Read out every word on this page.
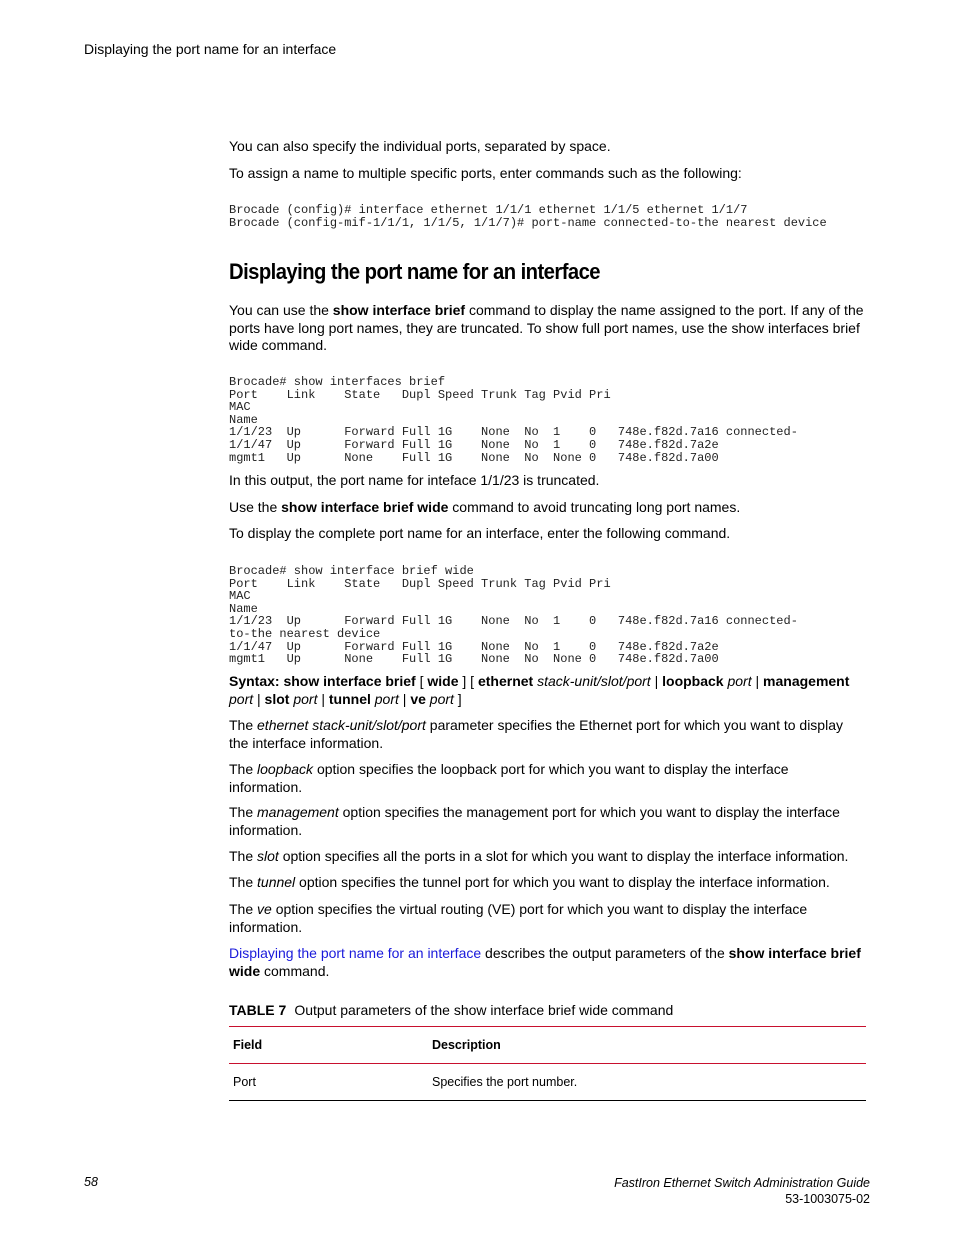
Displaying the port name for an interface
You can also specify the individual ports, separated by space.
To assign a name to multiple specific ports, enter commands such as the following:
Brocade (config)# interface ethernet 1/1/1 ethernet 1/1/5 ethernet 1/1/7
Brocade (config-mif-1/1/1, 1/1/5, 1/1/7)# port-name connected-to-the nearest device
Displaying the port name for an interface
You can use the show interface brief command to display the name assigned to the port. If any of the ports have long port names, they are truncated. To show full port names, use the show interfaces brief wide command.
Brocade# show interfaces brief
Port    Link    State   Dupl Speed Trunk Tag Pvid Pri
MAC
Name
1/1/23  Up      Forward Full 1G    None  No  1    0   748e.f82d.7a16 connected-
1/1/47  Up      Forward Full 1G    None  No  1    0   748e.f82d.7a2e
mgmt1   Up      None    Full 1G    None  No  None 0   748e.f82d.7a00
In this output, the port name for inteface 1/1/23 is truncated.
Use the show interface brief wide command to avoid truncating long port names.
To display the complete port name for an interface, enter the following command.
Brocade# show interface brief wide
Port    Link    State   Dupl Speed Trunk Tag Pvid Pri
MAC
Name
1/1/23  Up      Forward Full 1G    None  No  1    0   748e.f82d.7a16 connected-
to-the nearest device
1/1/47  Up      Forward Full 1G    None  No  1    0   748e.f82d.7a2e
mgmt1   Up      None    Full 1G    None  No  None 0   748e.f82d.7a00
Syntax: show interface brief [ wide ] [ ethernet stack-unit/slot/port | loopback port | management port | slot port | tunnel port | ve port ]
The ethernet stack-unit/slot/port parameter specifies the Ethernet port for which you want to display the interface information.
The loopback option specifies the loopback port for which you want to display the interface information.
The management option specifies the management port for which you want to display the interface information.
The slot option specifies all the ports in a slot for which you want to display the interface information.
The tunnel option specifies the tunnel port for which you want to display the interface information.
The ve option specifies the virtual routing (VE) port for which you want to display the interface information.
Displaying the port name for an interface describes the output parameters of the show interface brief wide command.
TABLE 7 Output parameters of the show interface brief wide command
Field	Description
Port	Specifies the port number.
58	FastIron Ethernet Switch Administration Guide
53-1003075-02
